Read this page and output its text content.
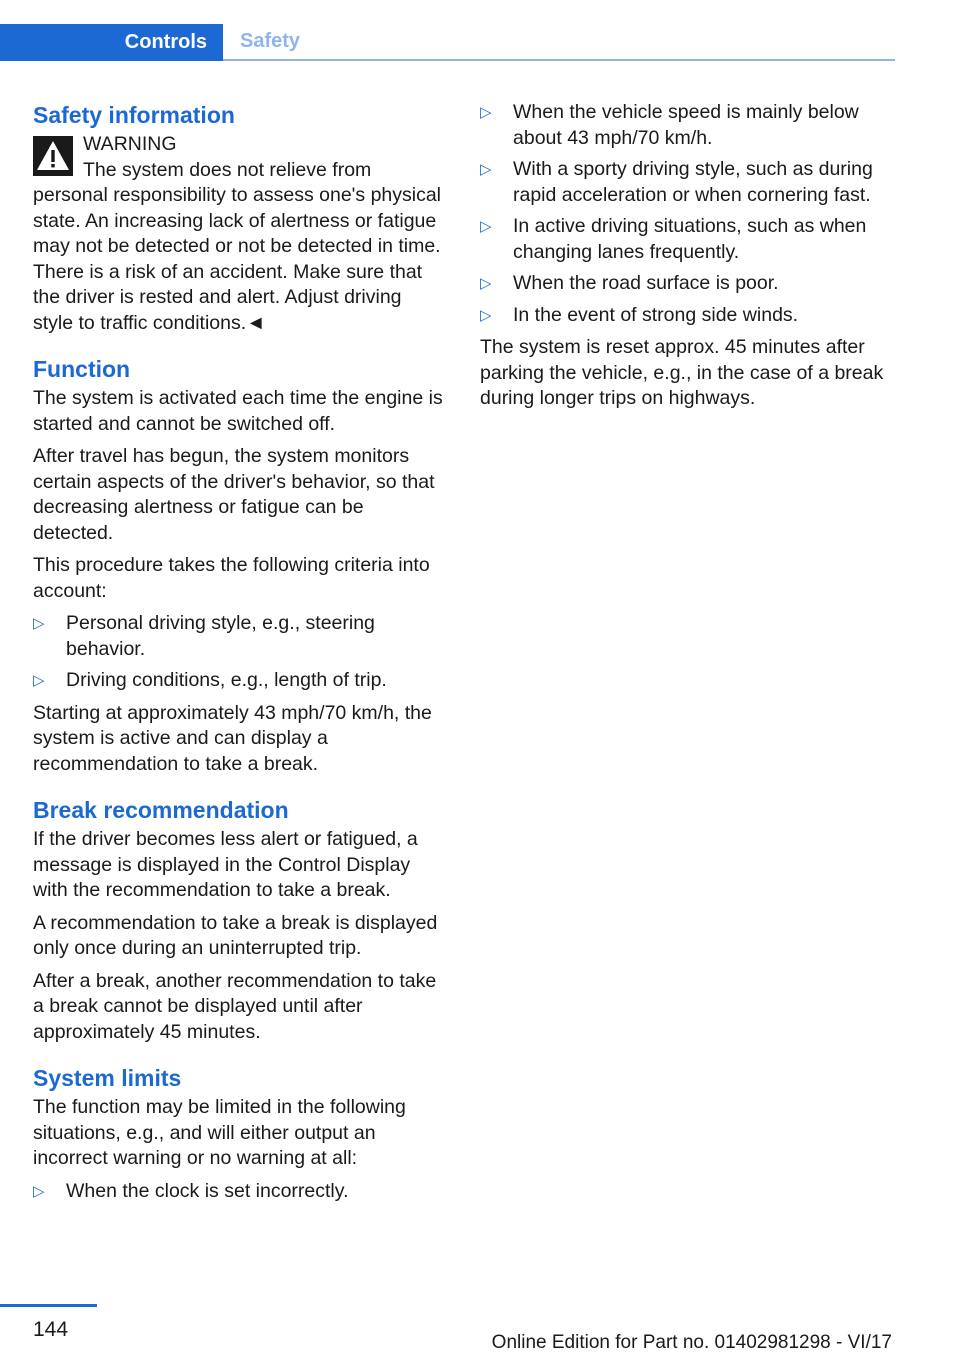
Controls	Safety
Safety information
WARNING
The system does not relieve from personal responsibility to assess one's physical state. An increasing lack of alertness or fatigue may not be detected or not be detected in time. There is a risk of an accident. Make sure that the driver is rested and alert. Adjust driving style to traffic conditions.◄
Function

The system is activated each time the engine is started and cannot be switched off.

After travel has begun, the system monitors certain aspects of the driver's behavior, so that decreasing alertness or fatigue can be detected.

This procedure takes the following criteria into account:

▷ Personal driving style, e.g., steering behavior.
▷ Driving conditions, e.g., length of trip.

Starting at approximately 43 mph/70 km/h, the system is active and can display a recommendation to take a break.

Break recommendation

If the driver becomes less alert or fatigued, a message is displayed in the Control Display with the recommendation to take a break.

A recommendation to take a break is displayed only once during an uninterrupted trip.

After a break, another recommendation to take a break cannot be displayed until after approximately 45 minutes.

System limits

The function may be limited in the following situations, e.g., and will either output an incorrect warning or no warning at all:

▷ When the clock is set incorrectly.
▷ When the vehicle speed is mainly below about 43 mph/70 km/h.
▷ With a sporty driving style, such as during rapid acceleration or when cornering fast.
▷ In active driving situations, such as when changing lanes frequently.
▷ When the road surface is poor.
▷ In the event of strong side winds.

The system is reset approx. 45 minutes after parking the vehicle, e.g., in the case of a break during longer trips on highways.

144
Online Edition for Part no. 01402981298 - VI/17
